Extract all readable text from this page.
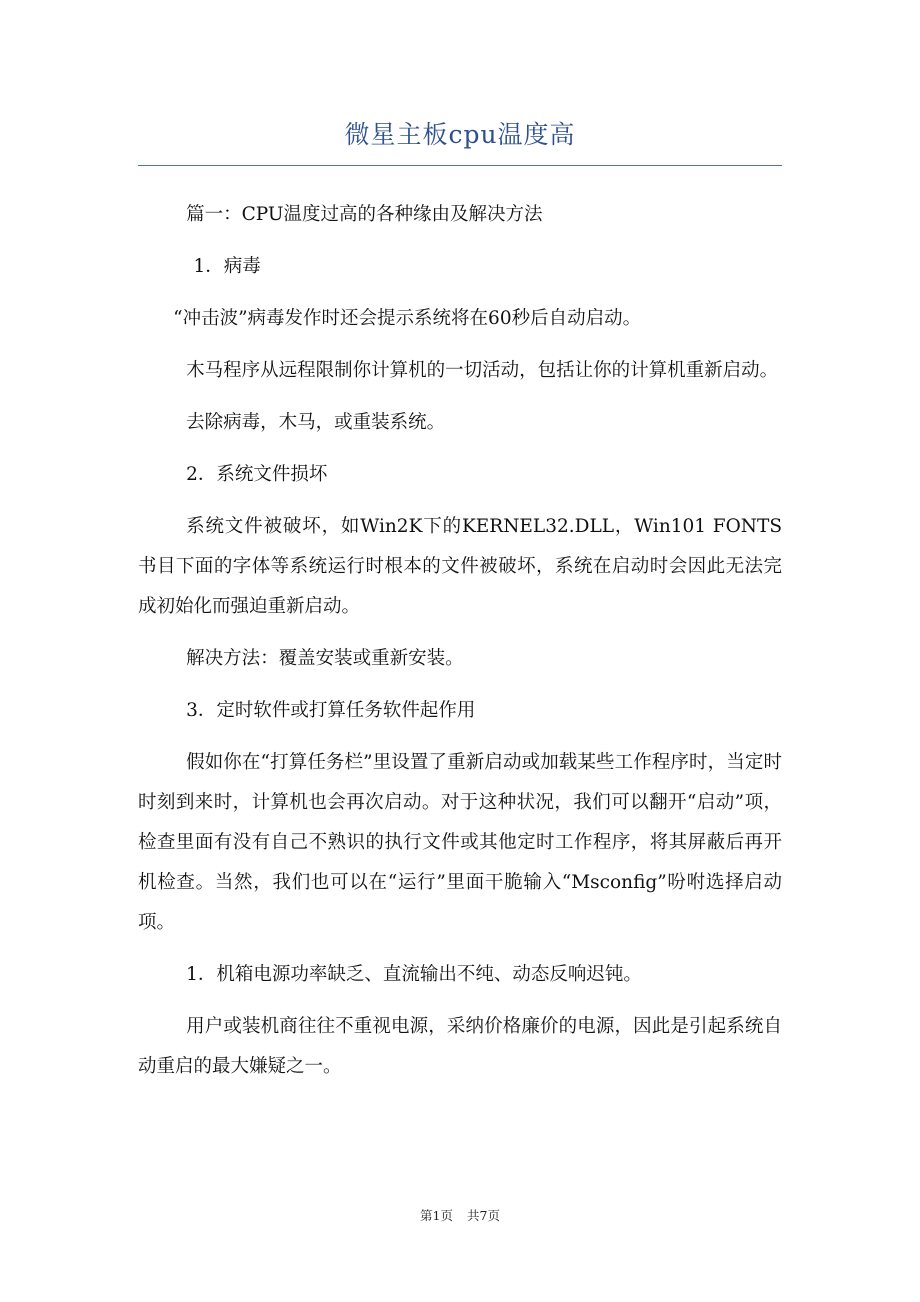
微星主板cpu温度高

篇一：CPU温度过高的各种缘由及解决方法

1．病毒

“冲击波”病毒发作时还会提示系统将在60秒后自动启动。

木马程序从远程限制你计算机的一切活动，包括让你的计算机重新启动。

去除病毒，木马，或重装系统。

2．系统文件损坏

系统文件被破坏，如Win2K下的KERNEL32.DLL，Win101 FONTS书目下面的字体等系统运行时根本的文件被破坏，系统在启动时会因此无法完成初始化而强迫重新启动。

解决方法：覆盖安装或重新安装。

3．定时软件或打算任务软件起作用

假如你在“打算任务栏”里设置了重新启动或加载某些工作程序时，当定时时刻到来时，计算机也会再次启动。对于这种状况，我们可以翻开“启动”项，检查里面有没有自己不熟识的执行文件或其他定时工作程序，将其屏蔽后再开机检查。当然，我们也可以在“运行”里面干脆输入“Msconfig”吩咐选择启动项。

1．机箱电源功率缺乏、直流输出不纯、动态反响迟钝。

用户或装机商往往不重视电源，采纳价格廉价的电源，因此是引起系统自动重启的最大嫌疑之一。

第1页 共7页
